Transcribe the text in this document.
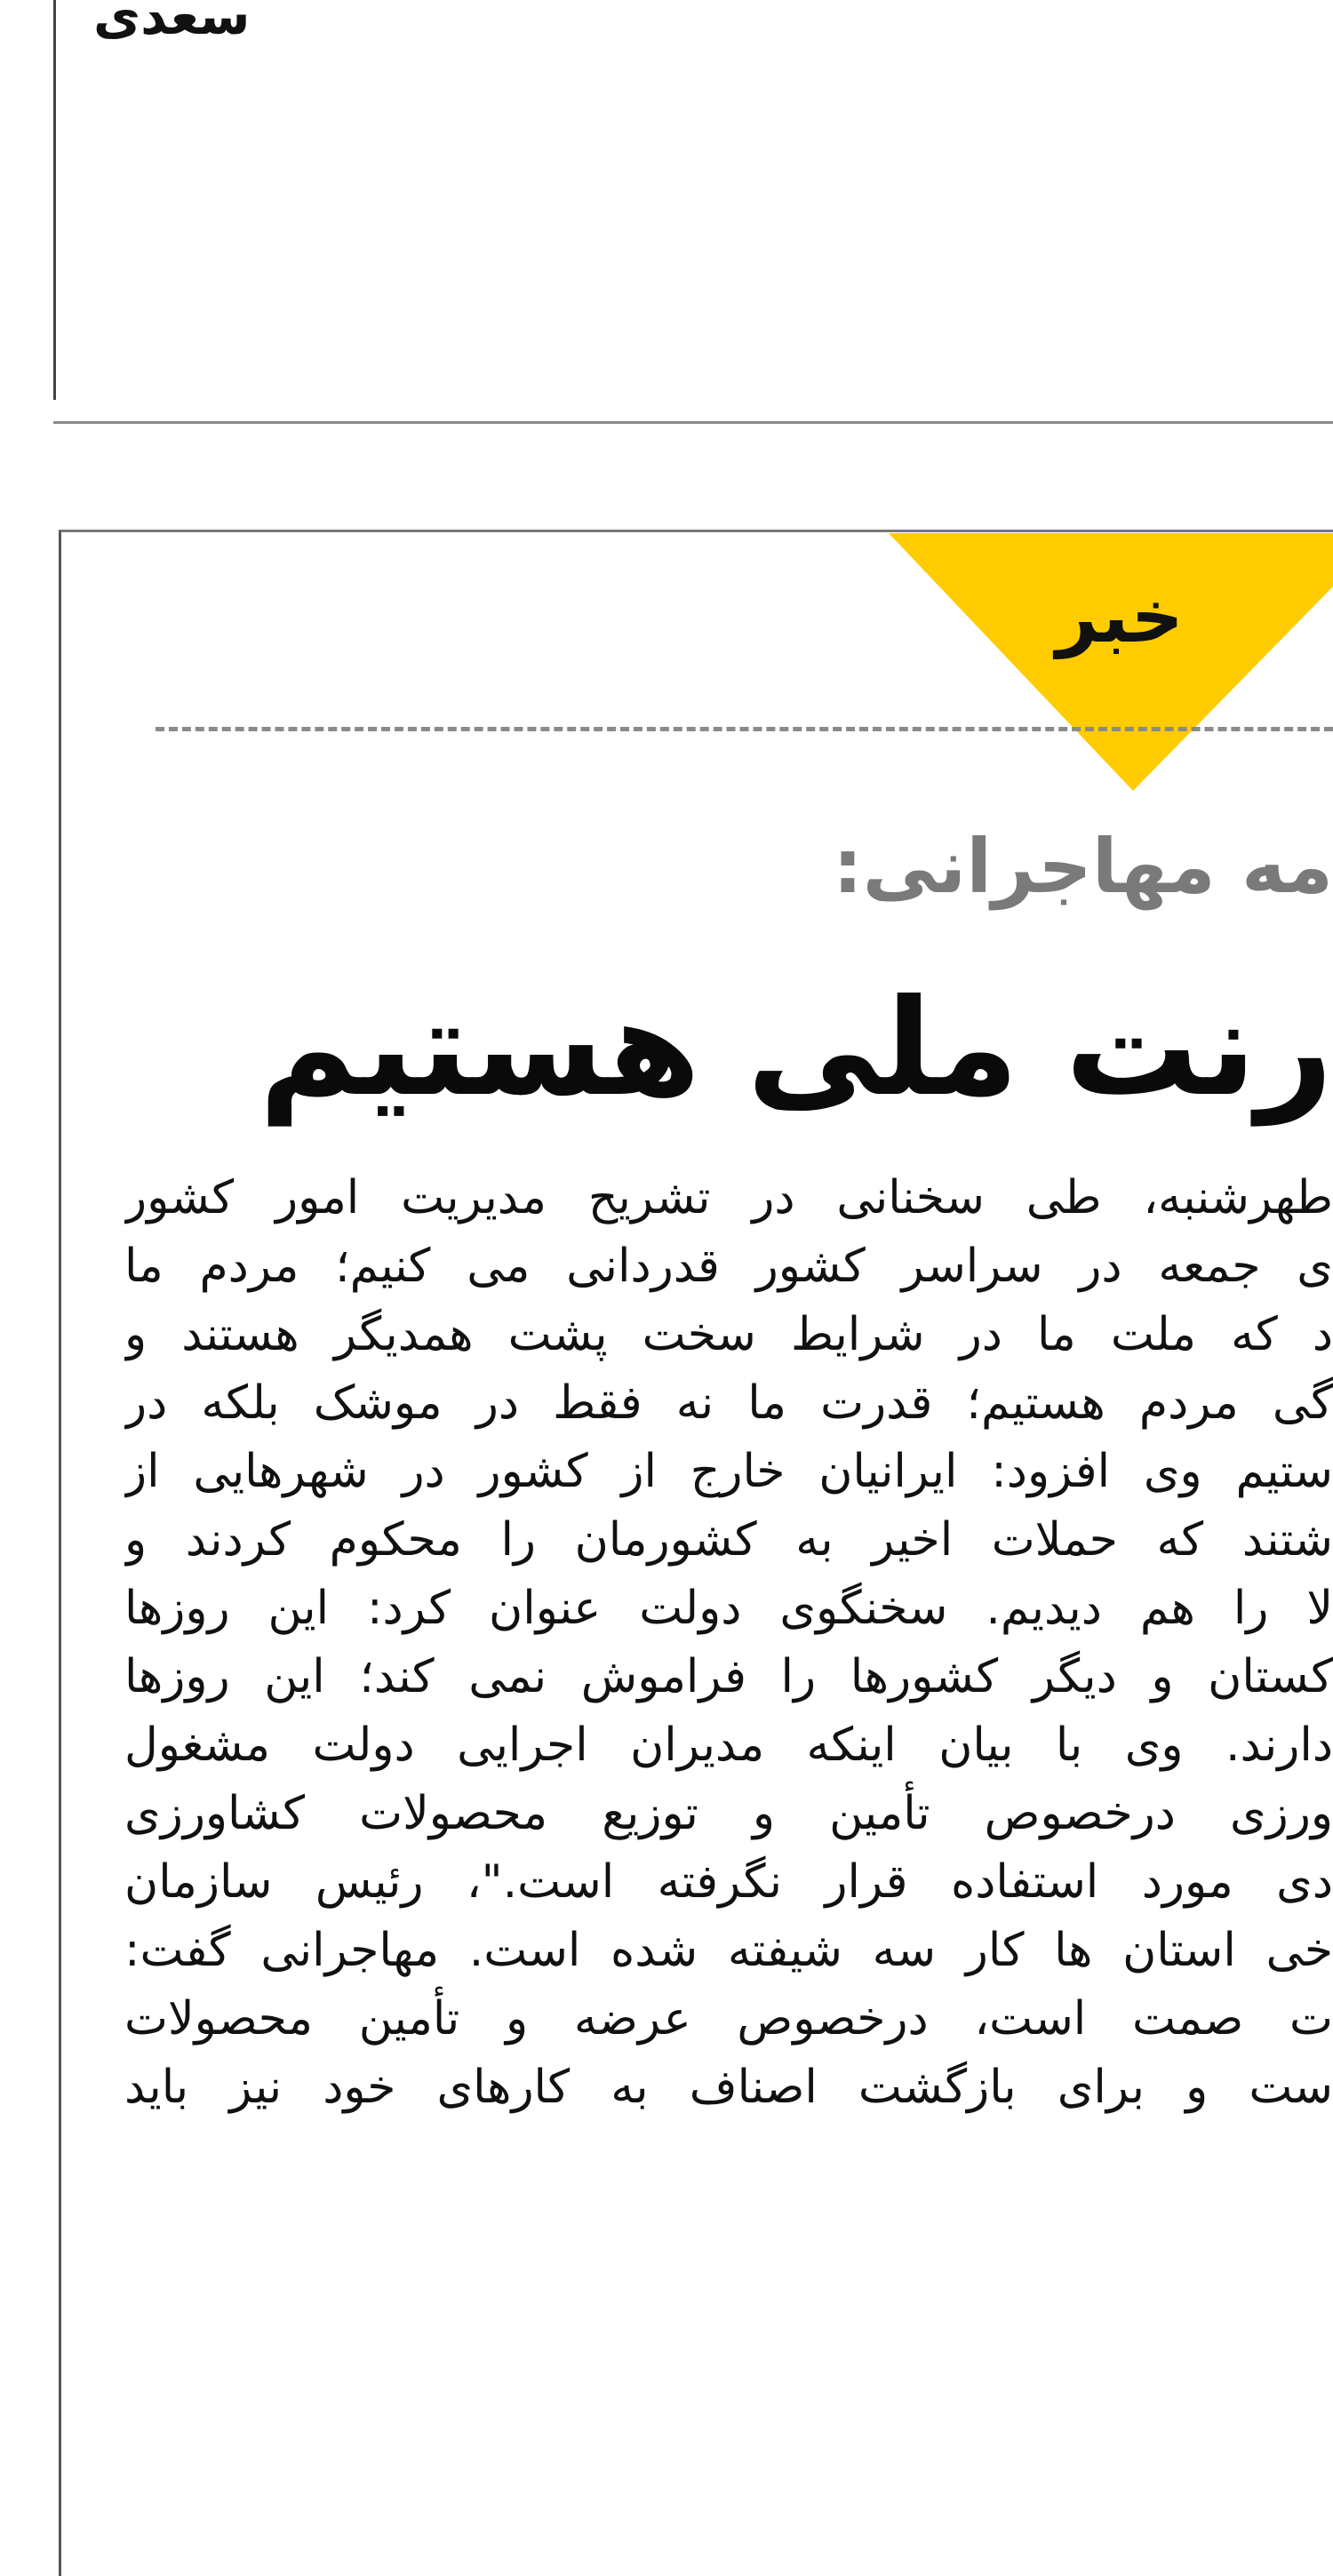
سعدی
خبر
مه مهاجرانی:
رنت ملی هستیم
طهرشنبه، طی سخنانی در تشریح مدیریت امور کشور
ی جمعه در سراسر کشور قدردانی می کنیم؛ مردم ما
د که ملت ما در شرایط سخت پشت همدیگر هستند و
گی مردم هستیم؛ قدرت ما نه فقط در موشک بلکه در
ستیم وی افزود: ایرانیان خارج از کشور در شهرهایی از
شتند که حملات اخیر به کشورمان را محکوم کردند و
لا را هم دیدیم. سخنگوی دولت عنوان کرد: این روزها
کستان و دیگر کشورها را فراموش نمی کند؛ این روزها
دارند. وی با بیان اینکه مدیران اجرایی دولت مشغول
ورزی درخصوص تأمین و توزیع محصولات کشاورزی
دی مورد استفاده قرار نگرفته است."، رئیس سازمان
خی استان ها کار سه شیفته شده است. مهاجرانی گفت:
ت صمت است، درخصوص عرضه و تأمین محصولات
ست و برای بازگشت اصناف به کارهای خود نیز باید
